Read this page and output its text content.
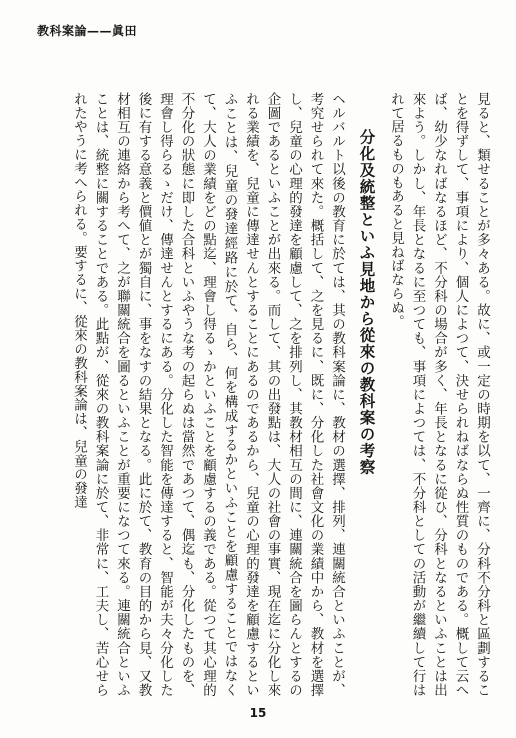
教科案論——眞田

見ると、類せることが多々ある。故に、或一定の時期を以て、一齊に、分科不分科と區劃することを得ずして、事項により、個人によつて、決せられねばならぬ性質のものである。概して云へば、幼少なればなるほど、不分科の場合が多く、年長となるに從ひ、分科となるといふことは出來よう。しかし、年長となるに至つても、事項によつては、不分科としての活動が繼續して行はれて居るものもあると見ねばならぬ。

分化及統整といふ見地から從來の教科案の考察

ヘルバルト以後の教育に於ては、其の教科案論に、教材の選擇、排列、連關統合といふことが、考究せられて來た。概括して、之を見るに、既に、分化した社會文化の業績中から、教材を選擇し、兒童の心理的發達を顧慮して、之を排列し、其教材相互の間に、連關統合を圖らんとするの企圖であるといふことが出來る。而して、其の出發點は、大人の社會の事實、現在迄に分化し來れる業績を、兒童に傳達せんとすることにあるのであるから、兒童の心理的發達を顧慮するといふことは、兒童の發達經路に於て、自ら、何を構成するかといふことを顧慮することではなくて、大人の業績をどの點迄、理會し得るゝかといふことを顧慮するの義である。從つて其心理的不分化の狀態に即した合科といふやうな考の起らぬは當然であつて、偶迄も、分化したものを、理會し得らるゝだけ、傳達せんとするにある。分化した智能を傳達すると、智能が夫々分化した後に有する意義と價値とが獨自に、事をなすの結果となる。此に於て、教育の目的から見、又教材相互の連絡から考へて、之が聯關統合を圖るといふことが重要になつて來る。連關統合といふことは、統整に關することである。此點が、從來の教科案論に於て、非常に、工夫し、苦心せられたやうに考へられる。要するに、從來の教科案論は、兒童の發達

15
